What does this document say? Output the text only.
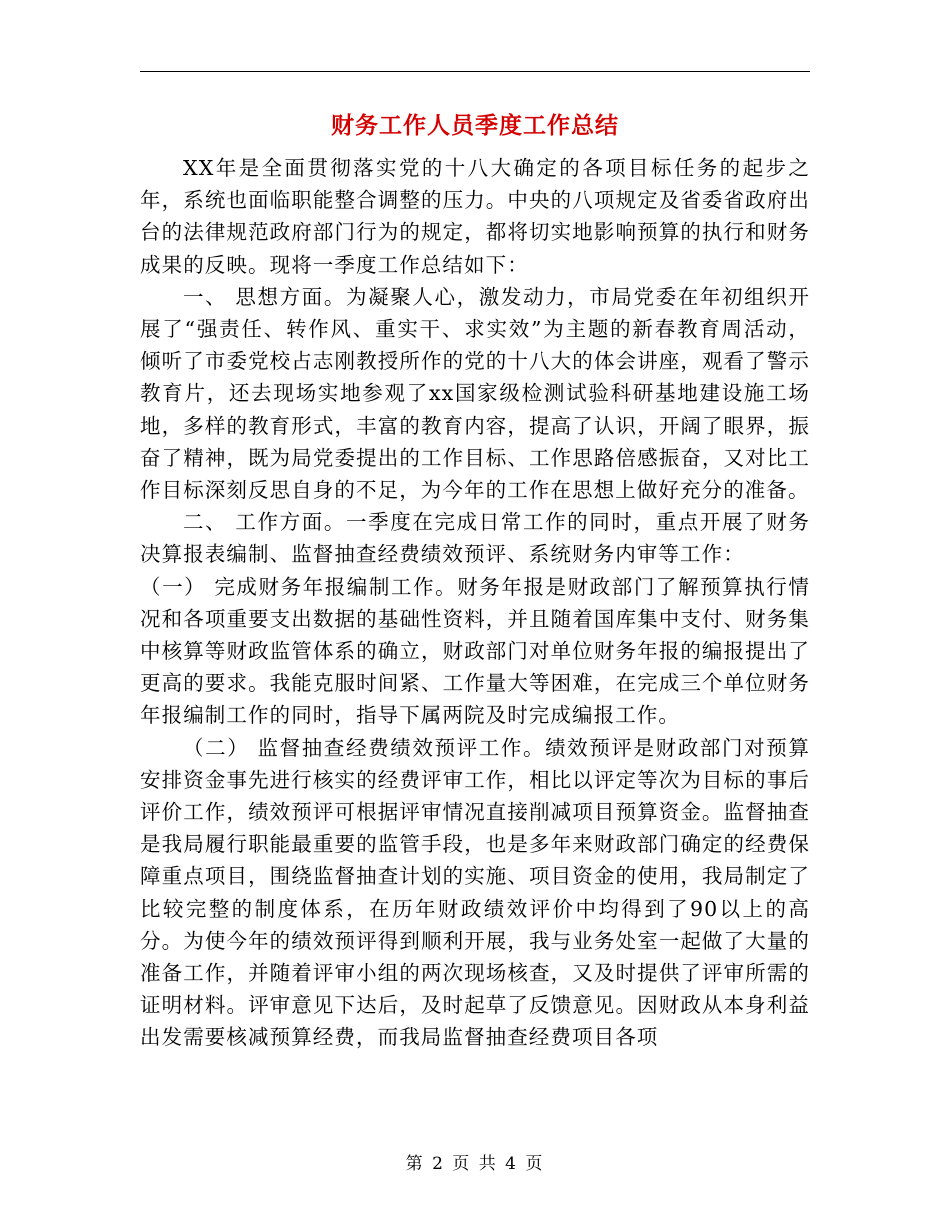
财务工作人员季度工作总结

XX年是全面贯彻落实党的十八大确定的各项目标任务的起步之年，系统也面临职能整合调整的压力。中央的八项规定及省委省政府出台的法律规范政府部门行为的规定，都将切实地影响预算的执行和财务成果的反映。现将一季度工作总结如下：

一、 思想方面。为凝聚人心，激发动力，市局党委在年初组织开展了“强责任、转作风、重实干、求实效”为主题的新春教育周活动，倾听了市委党校占志刚教授所作的党的十八大的体会讲座，观看了警示教育片，还去现场实地参观了xx国家级检测试验科研基地建设施工场地，多样的教育形式，丰富的教育内容，提高了认识，开阔了眼界，振奋了精神，既为局党委提出的工作目标、工作思路倍感振奋，又对比工作目标深刻反思自身的不足，为今年的工作在思想上做好充分的准备。

二、 工作方面。一季度在完成日常工作的同时，重点开展了财务决算报表编制、监督抽查经费绩效预评、系统财务内审等工作：

（一） 完成财务年报编制工作。财务年报是财政部门了解预算执行情况和各项重要支出数据的基础性资料，并且随着国库集中支付、财务集中核算等财政监管体系的确立，财政部门对单位财务年报的编报提出了更高的要求。我能克服时间紧、工作量大等困难，在完成三个单位财务年报编制工作的同时，指导下属两院及时完成编报工作。

（二） 监督抽查经费绩效预评工作。绩效预评是财政部门对预算安排资金事先进行核实的经费评审工作，相比以评定等次为目标的事后评价工作，绩效预评可根据评审情况直接削减项目预算资金。监督抽查是我局履行职能最重要的监管手段，也是多年来财政部门确定的经费保障重点项目，围绕监督抽查计划的实施、项目资金的使用，我局制定了比较完整的制度体系，在历年财政绩效评价中均得到了90以上的高分。为使今年的绩效预评得到顺利开展，我与业务处室一起做了大量的准备工作，并随着评审小组的两次现场核查，又及时提供了评审所需的证明材料。评审意见下达后，及时起草了反馈意见。因财政从本身利益出发需要核减预算经费，而我局监督抽查经费项目各项

第 2 页 共 4 页
